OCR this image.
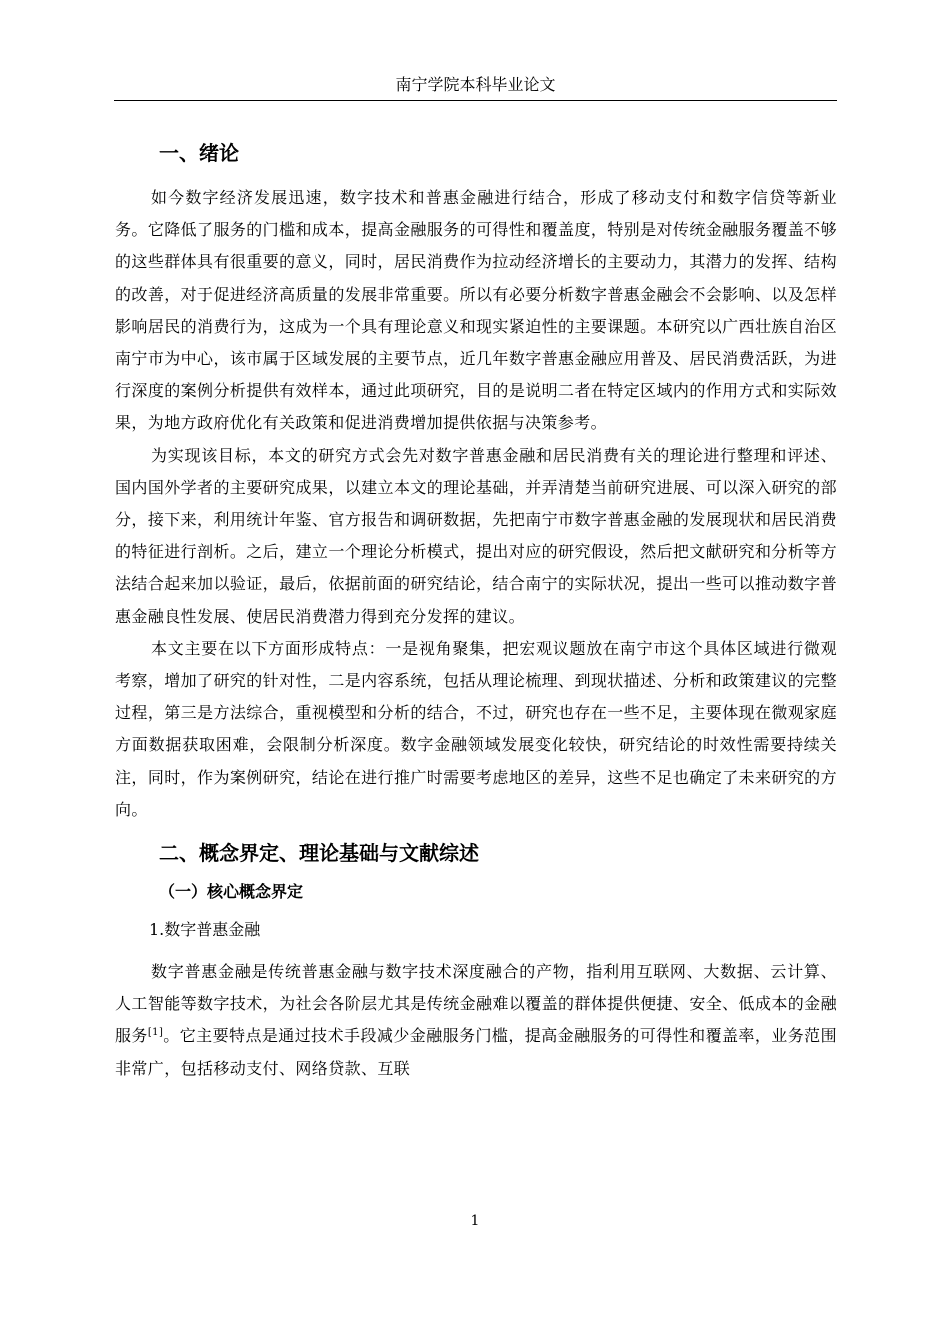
南宁学院本科毕业论文
一、绪论

如今数字经济发展迅速，数字技术和普惠金融进行结合，形成了移动支付和数字信贷等新业务。它降低了服务的门槛和成本，提高金融服务的可得性和覆盖度，特别是对传统金融服务覆盖不够的这些群体具有很重要的意义，同时，居民消费作为拉动经济增长的主要动力，其潜力的发挥、结构的改善，对于促进经济高质量的发展非常重要。所以有必要分析数字普惠金融会不会影响、以及怎样影响居民的消费行为，这成为一个具有理论意义和现实紧迫性的主要课题。本研究以广西壮族自治区南宁市为中心，该市属于区域发展的主要节点，近几年数字普惠金融应用普及、居民消费活跃，为进行深度的案例分析提供有效样本，通过此项研究，目的是说明二者在特定区域内的作用方式和实际效果，为地方政府优化有关政策和促进消费增加提供依据与决策参考。

为实现该目标，本文的研究方式会先对数字普惠金融和居民消费有关的理论进行整理和评述、国内国外学者的主要研究成果，以建立本文的理论基础，并弄清楚当前研究进展、可以深入研究的部分，接下来，利用统计年鉴、官方报告和调研数据，先把南宁市数字普惠金融的发展现状和居民消费的特征进行剖析。之后，建立一个理论分析模式，提出对应的研究假设，然后把文献研究和分析等方法结合起来加以验证，最后，依据前面的研究结论，结合南宁的实际状况，提出一些可以推动数字普惠金融良性发展、使居民消费潜力得到充分发挥的建议。

本文主要在以下方面形成特点：一是视角聚集，把宏观议题放在南宁市这个具体区域进行微观考察，增加了研究的针对性，二是内容系统，包括从理论梳理、到现状描述、分析和政策建议的完整过程，第三是方法综合，重视模型和分析的结合，不过，研究也存在一些不足，主要体现在微观家庭方面数据获取困难，会限制分析深度。数字金融领域发展变化较快，研究结论的时效性需要持续关注，同时，作为案例研究，结论在进行推广时需要考虑地区的差异，这些不足也确定了未来研究的方向。

二、概念界定、理论基础与文献综述
（一）核心概念界定
1.数字普惠金融

数字普惠金融是传统普惠金融与数字技术深度融合的产物，指利用互联网、大数据、云计算、人工智能等数字技术，为社会各阶层尤其是传统金融难以覆盖的群体提供便捷、安全、低成本的金融服务[1]。它主要特点是通过技术手段减少金融服务门槛，提高金融服务的可得性和覆盖率，业务范围非常广，包括移动支付、网络贷款、互联

1
